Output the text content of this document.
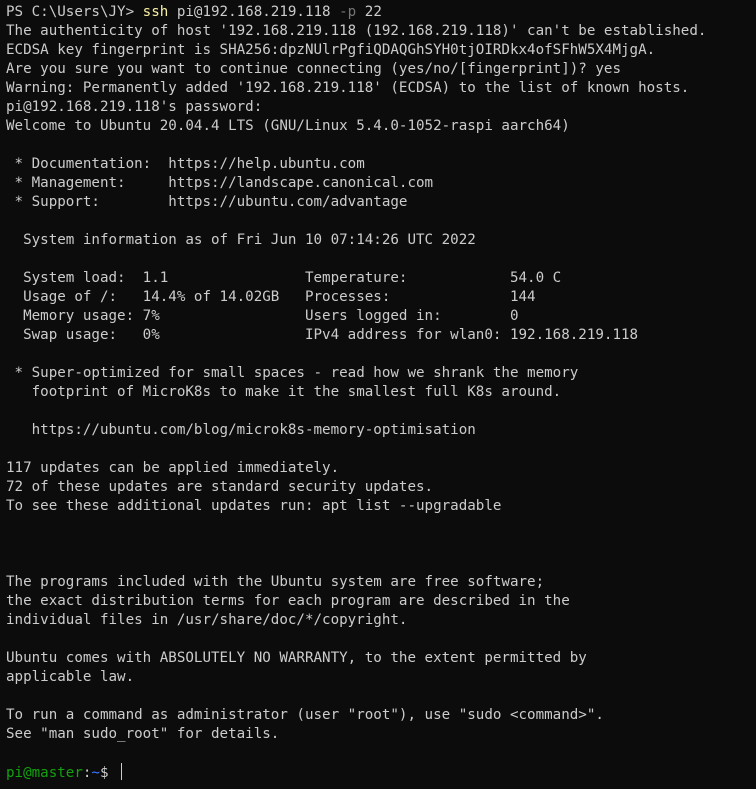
PS C:\Users\JY> ssh pi@192.168.219.118 -p 22
The authenticity of host '192.168.219.118 (192.168.219.118)' can't be established.
ECDSA key fingerprint is SHA256:dpzNUlrPgfiQDAQGhSYH0tjOIRDkx4ofSFhW5X4MjgA.
Are you sure you want to continue connecting (yes/no/[fingerprint])? yes
Warning: Permanently added '192.168.219.118' (ECDSA) to the list of known hosts.
pi@192.168.219.118's password:
Welcome to Ubuntu 20.04.4 LTS (GNU/Linux 5.4.0-1052-raspi aarch64)
* Documentation:  https://help.ubuntu.com
* Management:     https://landscape.canonical.com
* Support:        https://ubuntu.com/advantage
System information as of Fri Jun 10 07:14:26 UTC 2022
System load:  1.1                Temperature:            54.0 C
Usage of /:   14.4% of 14.02GB   Processes:              144
Memory usage: 7%                 Users logged in:        0
Swap usage:   0%                 IPv4 address for wlan0: 192.168.219.118
* Super-optimized for small spaces - read how we shrank the memory
footprint of MicroK8s to make it the smallest full K8s around.
https://ubuntu.com/blog/microk8s-memory-optimisation
117 updates can be applied immediately.
72 of these updates are standard security updates.
To see these additional updates run: apt list --upgradable
The programs included with the Ubuntu system are free software;
the exact distribution terms for each program are described in the
individual files in /usr/share/doc/*/copyright.
Ubuntu comes with ABSOLUTELY NO WARRANTY, to the extent permitted by
applicable law.
To run a command as administrator (user "root"), use "sudo <command>".
See "man sudo_root" for details.
pi@master:~$
